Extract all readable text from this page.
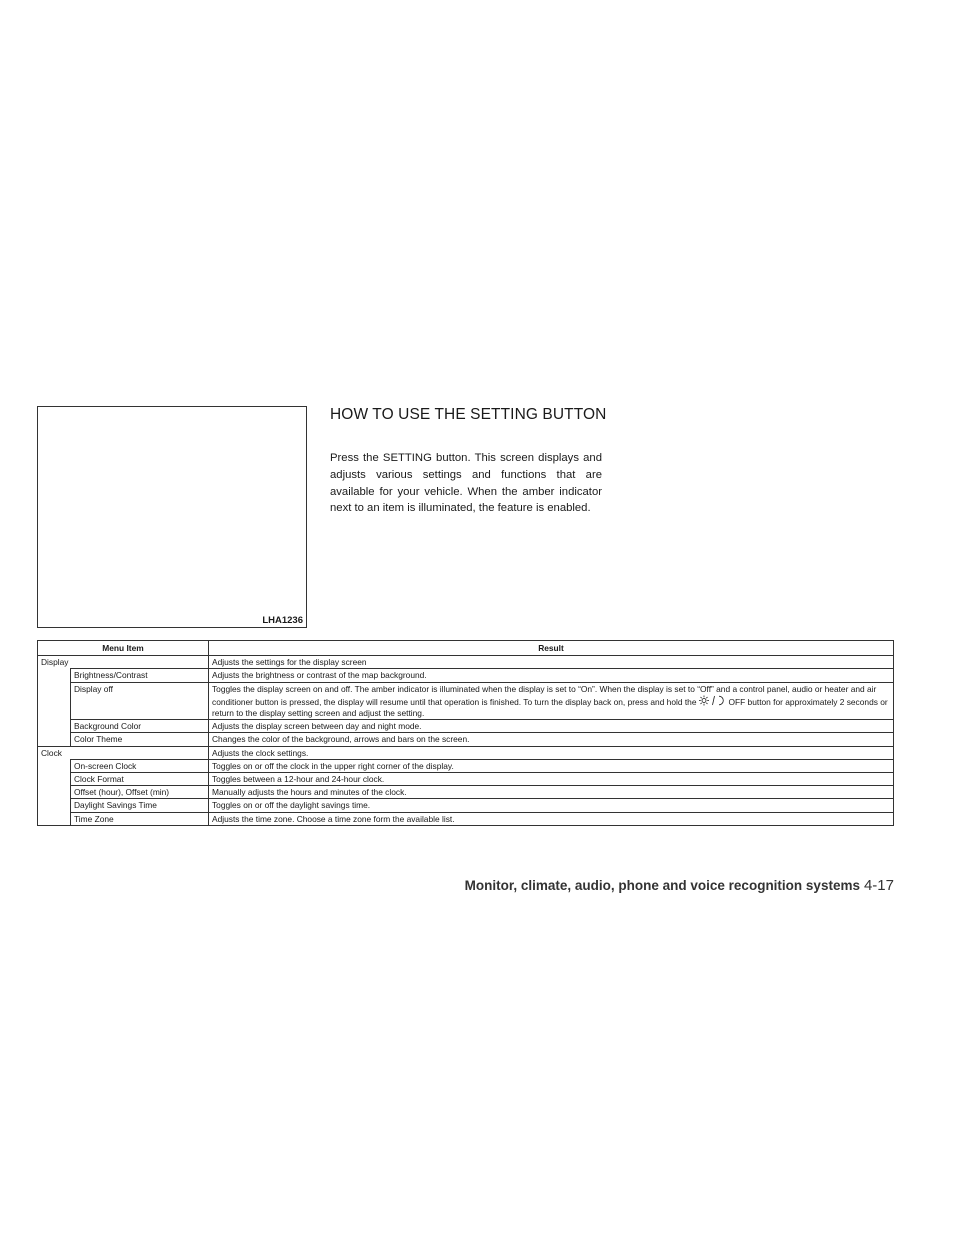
LHA1236
HOW TO USE THE SETTING BUTTON

Press the SETTING button. This screen displays and adjusts various settings and functions that are available for your vehicle. When the amber indicator next to an item is illuminated, the feature is enabled.

Menu Item		Result
Display		Adjusts the settings for the display screen
	Brightness/Contrast	Adjusts the brightness or contrast of the map background.
	Display off	Toggles the display screen on and off. The amber indicator is illuminated when the display is set to “On”. When the display is set to “Off” and a control panel, audio or heater and air conditioner button is pressed, the display will resume until that operation is finished. To turn the display back on, press and hold the OFF button for approximately 2 seconds or return to the display setting screen and adjust the setting.
	Background Color	Adjusts the display screen between day and night mode.
	Color Theme	Changes the color of the background, arrows and bars on the screen.
Clock		Adjusts the clock settings.
	On-screen Clock	Toggles on or off the clock in the upper right corner of the display.
	Clock Format	Toggles between a 12-hour and 24-hour clock.
	Offset (hour), Offset (min)	Manually adjusts the hours and minutes of the clock.
	Daylight Savings Time	Toggles on or off the daylight savings time.
	Time Zone	Adjusts the time zone. Choose a time zone form the available list.
Monitor, climate, audio, phone and voice recognition systems 4-17
